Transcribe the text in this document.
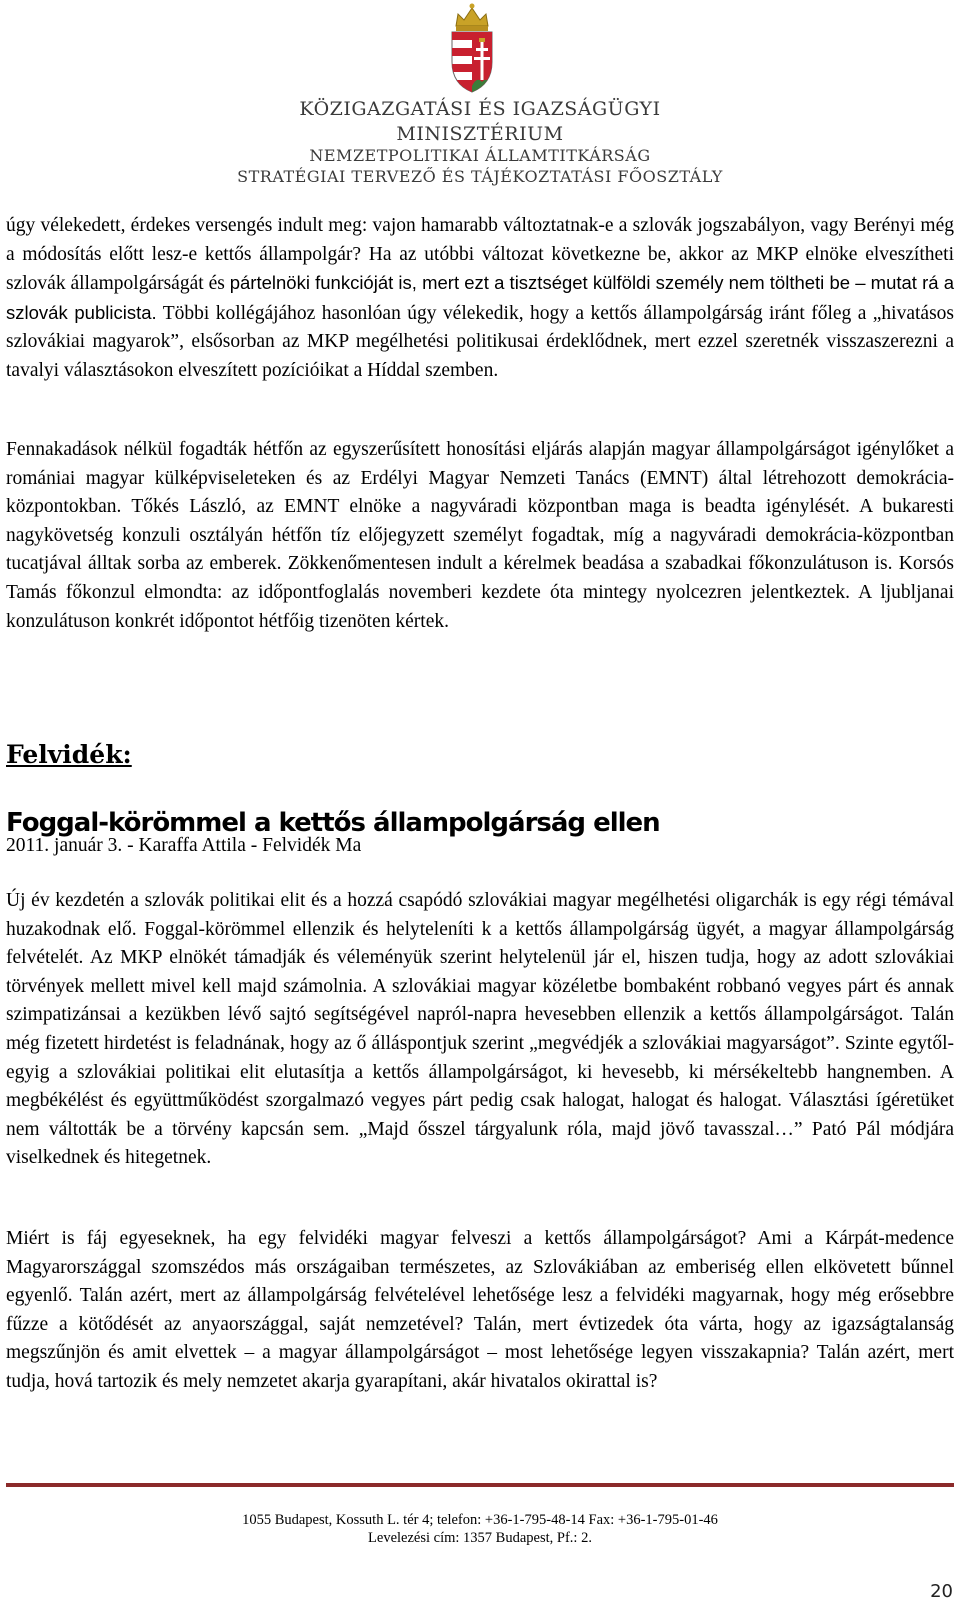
KÖZIGAZGATÁSI ÉS IGAZSÁGÜGYI
MINISZTÉRIUM
NEMZETPOLITIKAI ÁLLAMTITKÁRSÁG
STRATÉGIAI TERVEZŐ ÉS TÁJÉKOZTATÁSI FŐOSZTÁLY

úgy vélekedett, érdekes versengés indult meg: vajon hamarabb változtatnak-e a szlovák jogszabályon, vagy Berényi még a módosítás előtt lesz-e kettős állampolgár? Ha az utóbbi változat következne be, akkor az MKP elnöke elveszítheti szlovák állampolgárságát és pártelnöki funkcióját is, mert ezt a tisztséget külföldi személy nem töltheti be – mutat rá a szlovák publicista. Többi kollégájához hasonlóan úgy vélekedik, hogy a kettős állampolgárság iránt főleg a „hivatásos szlovákiai magyarok”, elsősorban az MKP megélhetési politikusai érdeklődnek, mert ezzel szeretnék visszaszerezni a tavalyi választásokon elveszített pozícióikat a Híddal szemben.

Fennakadások nélkül fogadták hétfőn az egyszerűsített honosítási eljárás alapján magyar állampolgárságot igénylőket a romániai magyar külképviseleteken és az Erdélyi Magyar Nemzeti Tanács (EMNT) által létrehozott demokrácia-központokban. Tőkés László, az EMNT elnöke a nagyváradi központban maga is beadta igénylését. A bukaresti nagykövetség konzuli osztályán hétfőn tíz előjegyzett személyt fogadtak, míg a nagyváradi demokrácia-központban tucatjával álltak sorba az emberek. Zökkenőmentesen indult a kérelmek beadása a szabadkai főkonzulátuson is. Korsós Tamás főkonzul elmondta: az időpontfoglalás novemberi kezdete óta mintegy nyolcezren jelentkeztek. A ljubljanai konzulátuson konkrét időpontot hétfőig tizenöten kértek.

Felvidék:
Foggal-körömmel a kettős állampolgárság ellen
2011. január 3. - Karaffa Attila - Felvidék Ma

Új év kezdetén a szlovák politikai elit és a hozzá csapódó szlovákiai magyar megélhetési oligarchák is egy régi témával huzakodnak elő. Foggal-körömmel ellenzik és helyteleníti k a kettős állampolgárság ügyét, a magyar állampolgárság felvételét. Az MKP elnökét támadják és véleményük szerint helytelenül jár el, hiszen tudja, hogy az adott szlovákiai törvények mellett mivel kell majd számolnia. A szlovákiai magyar közéletbe bombaként robbanó vegyes párt és annak szimpatizánsai a kezükben lévő sajtó segítségével napról-napra hevesebben ellenzik a kettős állampolgárságot. Talán még fizetett hirdetést is feladnának, hogy az ő álláspontjuk szerint „megvédjék a szlovákiai magyarságot”. Szinte egytől-egyig a szlovákiai politikai elit elutasítja a kettős állampolgárságot, ki hevesebb, ki mérsékeltebb hangnemben. A megbékélést és együttműködést szorgalmazó vegyes párt pedig csak halogat, halogat és halogat. Választási ígéretüket nem váltották be a törvény kapcsán sem. „Majd ősszel tárgyalunk róla, majd jövő tavasszal…” Pató Pál módjára viselkednek és hitegetnek.

Miért is fáj egyeseknek, ha egy felvidéki magyar felveszi a kettős állampolgárságot? Ami a Kárpát-medence Magyarországgal szomszédos más országaiban természetes, az Szlovákiában az emberiség ellen elkövetett bűnnel egyenlő. Talán azért, mert az állampolgárság felvételével lehetősége lesz a felvidéki magyarnak, hogy még erősebbre fűzze a kötődését az anyaországgal, saját nemzetével? Talán, mert évtizedek óta várta, hogy az igazságtalanság megszűnjön és amit elvettek – a magyar állampolgárságot – most lehetősége legyen visszakapnia? Talán azért, mert tudja, hová tartozik és mely nemzetet akarja gyarapítani, akár hivatalos okirattal is?

1055 Budapest, Kossuth L. tér 4; telefon: +36-1-795-48-14 Fax: +36-1-795-01-46
Levelezési cím: 1357 Budapest, Pf.: 2.
20
